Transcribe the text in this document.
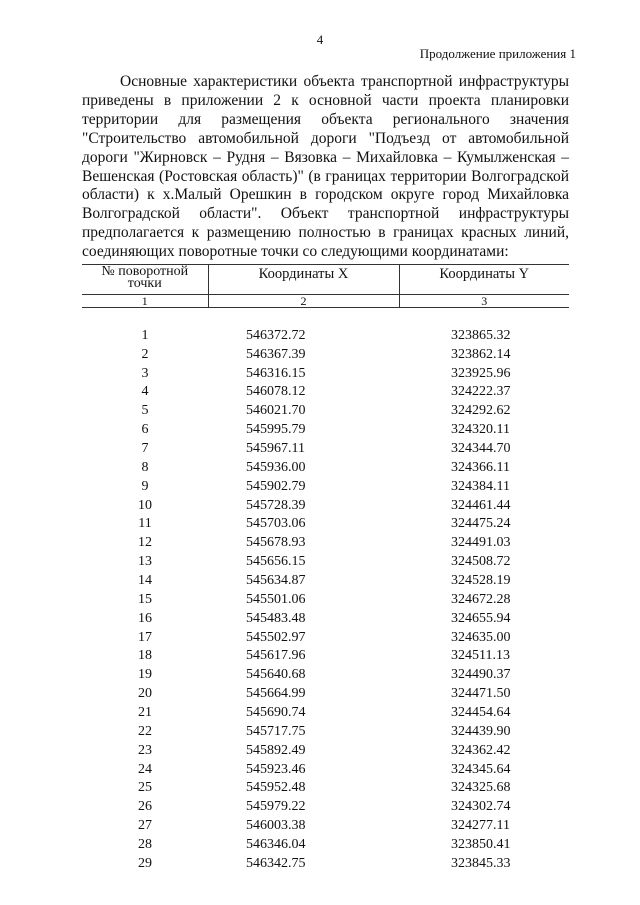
4
Продолжение приложения 1

Основные характеристики объекта транспортной инфраструктуры приведены в приложении 2 к основной части проекта планировки территории для размещения объекта регионального значения "Строительство автомобильной дороги "Подъезд от автомобильной дороги "Жирновск – Рудня – Вязовка – Михайловка – Кумылженская – Вешенская (Ростовская область)" (в границах территории Волгоградской области) к х.Малый Орешкин в городском округе город Михайловка Волгоградской области". Объект транспортной инфраструктуры предполагается к размещению полностью в границах красных линий, соединяющих поворотные точки со следующими координатами:

№ поворотной точки	Координаты X	Координаты Y
1	2	3

1	546372.72	323865.32
2	546367.39	323862.14
3	546316.15	323925.96
4	546078.12	324222.37
5	546021.70	324292.62
6	545995.79	324320.11
7	545967.11	324344.70
8	545936.00	324366.11
9	545902.79	324384.11
10	545728.39	324461.44
11	545703.06	324475.24
12	545678.93	324491.03
13	545656.15	324508.72
14	545634.87	324528.19
15	545501.06	324672.28
16	545483.48	324655.94
17	545502.97	324635.00
18	545617.96	324511.13
19	545640.68	324490.37
20	545664.99	324471.50
21	545690.74	324454.64
22	545717.75	324439.90
23	545892.49	324362.42
24	545923.46	324345.64
25	545952.48	324325.68
26	545979.22	324302.74
27	546003.38	324277.11
28	546346.04	323850.41
29	546342.75	323845.33
